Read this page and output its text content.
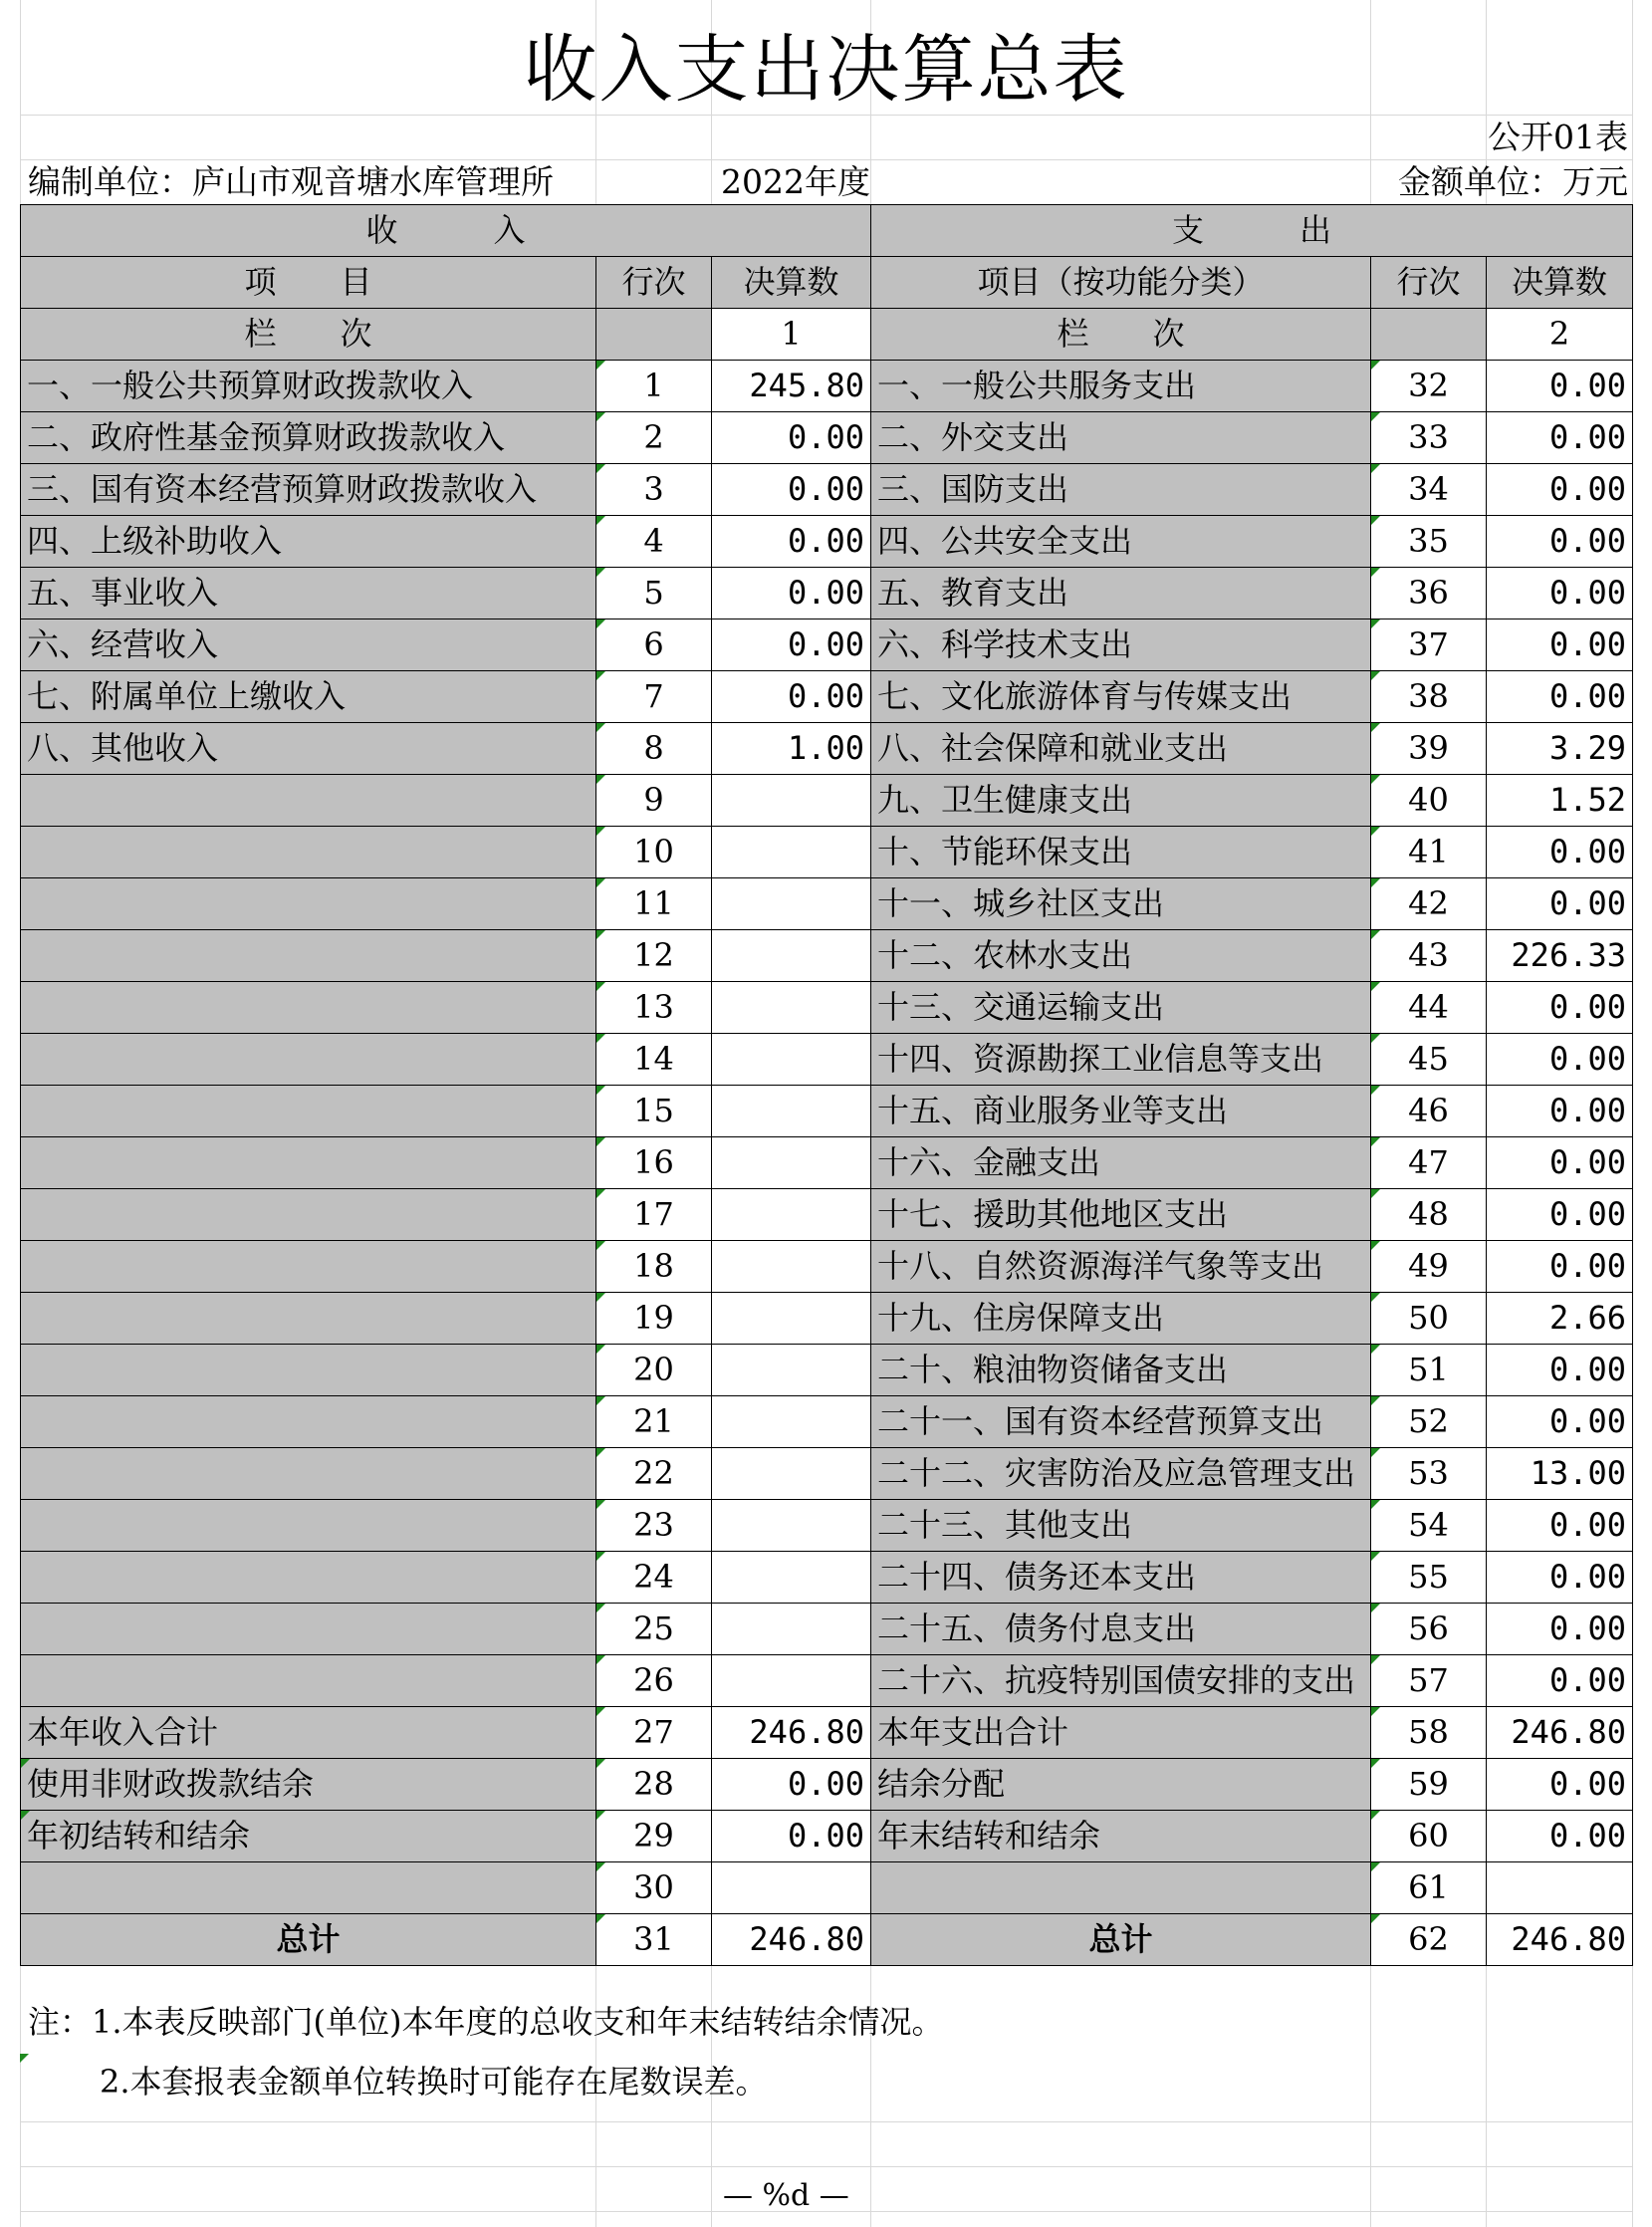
收入支出决算总表
公开01表
编制单位：庐山市观音塘水库管理所	2022年度	金额单位：万元
收　　　入			支　　　出		
项　　目	行次	决算数	项目（按功能分类）	行次	决算数
栏　　次		1	栏　　次		2
一、一般公共预算财政拨款收入	1	245.80	一、一般公共服务支出	32	0.00
二、政府性基金预算财政拨款收入	2	0.00	二、外交支出	33	0.00
三、国有资本经营预算财政拨款收入	3	0.00	三、国防支出	34	0.00
四、上级补助收入	4	0.00	四、公共安全支出	35	0.00
五、事业收入	5	0.00	五、教育支出	36	0.00
六、经营收入	6	0.00	六、科学技术支出	37	0.00
七、附属单位上缴收入	7	0.00	七、文化旅游体育与传媒支出	38	0.00
八、其他收入	8	1.00	八、社会保障和就业支出	39	3.29
	9		九、卫生健康支出	40	1.52
	10		十、节能环保支出	41	0.00
	11		十一、城乡社区支出	42	0.00
	12		十二、农林水支出	43	226.33
	13		十三、交通运输支出	44	0.00
	14		十四、资源勘探工业信息等支出	45	0.00
	15		十五、商业服务业等支出	46	0.00
	16		十六、金融支出	47	0.00
	17		十七、援助其他地区支出	48	0.00
	18		十八、自然资源海洋气象等支出	49	0.00
	19		十九、住房保障支出	50	2.66
	20		二十、粮油物资储备支出	51	0.00
	21		二十一、国有资本经营预算支出	52	0.00
	22		二十二、灾害防治及应急管理支出	53	13.00
	23		二十三、其他支出	54	0.00
	24		二十四、债务还本支出	55	0.00
	25		二十五、债务付息支出	56	0.00
	26		二十六、抗疫特别国债安排的支出	57	0.00
本年收入合计	27	246.80	本年支出合计	58	246.80
使用非财政拨款结余	28	0.00	结余分配	59	0.00
年初结转和结余	29	0.00	年末结转和结余	60	0.00
	30			61	
总计	31	246.80	总计	62	246.80
注：1.本表反映部门(单位)本年度的总收支和年末结转结余情况。
2.本套报表金额单位转换时可能存在尾数误差。
— %d —
